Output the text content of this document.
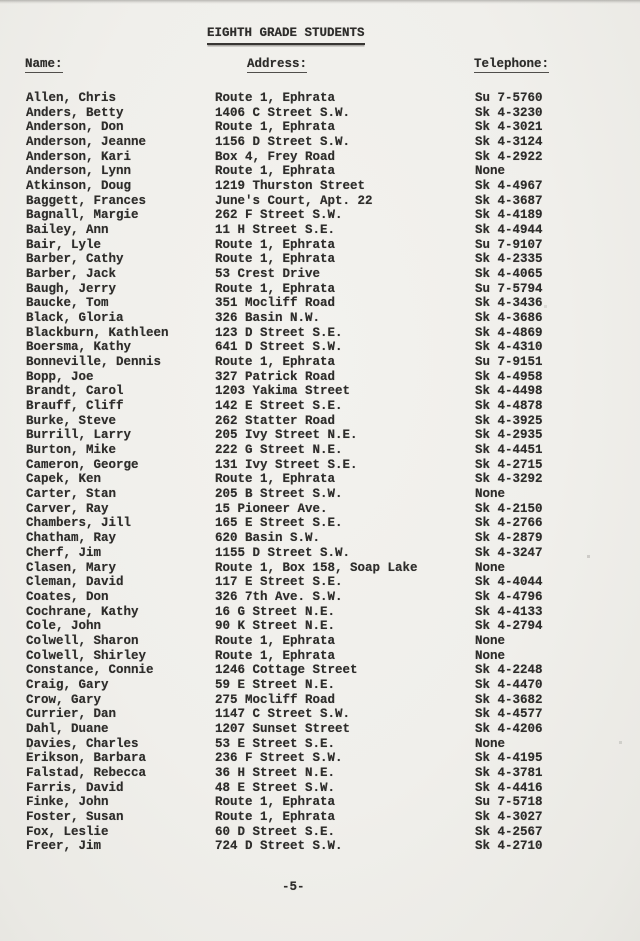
EIGHTH GRADE STUDENTS
Name:	Address:	Telephone:
Allen, Chris	Route 1, Ephrata	Su 7-5760
Anders, Betty	1406 C Street S.W.	Sk 4-3230
Anderson, Don	Route 1, Ephrata	Sk 4-3021
Anderson, Jeanne	1156 D Street S.W.	Sk 4-3124
Anderson, Kari	Box 4, Frey Road	Sk 4-2922
Anderson, Lynn	Route 1, Ephrata	None
Atkinson, Doug	1219 Thurston Street	Sk 4-4967
Baggett, Frances	June's Court, Apt. 22	Sk 4-3687
Bagnall, Margie	262 F Street S.W.	Sk 4-4189
Bailey, Ann	11 H Street S.E.	Sk 4-4944
Bair, Lyle	Route 1, Ephrata	Su 7-9107
Barber, Cathy	Route 1, Ephrata	Sk 4-2335
Barber, Jack	53 Crest Drive	Sk 4-4065
Baugh, Jerry	Route 1, Ephrata	Su 7-5794
Baucke, Tom	351 Mocliff Road	Sk 4-3436
Black, Gloria	326 Basin N.W.	Sk 4-3686
Blackburn, Kathleen	123 D Street S.E.	Sk 4-4869
Boersma, Kathy	641 D Street S.W.	Sk 4-4310
Bonneville, Dennis	Route 1, Ephrata	Su 7-9151
Bopp, Joe	327 Patrick Road	Sk 4-4958
Brandt, Carol	1203 Yakima Street	Sk 4-4498
Brauff, Cliff	142 E Street S.E.	Sk 4-4878
Burke, Steve	262 Statter Road	Sk 4-3925
Burrill, Larry	205 Ivy Street N.E.	Sk 4-2935
Burton, Mike	222 G Street N.E.	Sk 4-4451
Cameron, George	131 Ivy Street S.E.	Sk 4-2715
Capek, Ken	Route 1, Ephrata	Sk 4-3292
Carter, Stan	205 B Street S.W.	None
Carver, Ray	15 Pioneer Ave.	Sk 4-2150
Chambers, Jill	165 E Street S.E.	Sk 4-2766
Chatham, Ray	620 Basin S.W.	Sk 4-2879
Cherf, Jim	1155 D Street S.W.	Sk 4-3247
Clasen, Mary	Route 1, Box 158, Soap Lake	None
Cleman, David	117 E Street S.E.	Sk 4-4044
Coates, Don	326 7th Ave. S.W.	Sk 4-4796
Cochrane, Kathy	16 G Street N.E.	Sk 4-4133
Cole, John	90 K Street N.E.	Sk 4-2794
Colwell, Sharon	Route 1, Ephrata	None
Colwell, Shirley	Route 1, Ephrata	None
Constance, Connie	1246 Cottage Street	Sk 4-2248
Craig, Gary	59 E Street N.E.	Sk 4-4470
Crow, Gary	275 Mocliff Road	Sk 4-3682
Currier, Dan	1147 C Street S.W.	Sk 4-4577
Dahl, Duane	1207 Sunset Street	Sk 4-4206
Davies, Charles	53 E Street S.E.	None
Erikson, Barbara	236 F Street S.W.	Sk 4-4195
Falstad, Rebecca	36 H Street N.E.	Sk 4-3781
Farris, David	48 E Street S.W.	Sk 4-4416
Finke, John	Route 1, Ephrata	Su 7-5718
Foster, Susan	Route 1, Ephrata	Sk 4-3027
Fox, Leslie	60 D Street S.E.	Sk 4-2567
Freer, Jim	724 D Street S.W.	Sk 4-2710
-5-
